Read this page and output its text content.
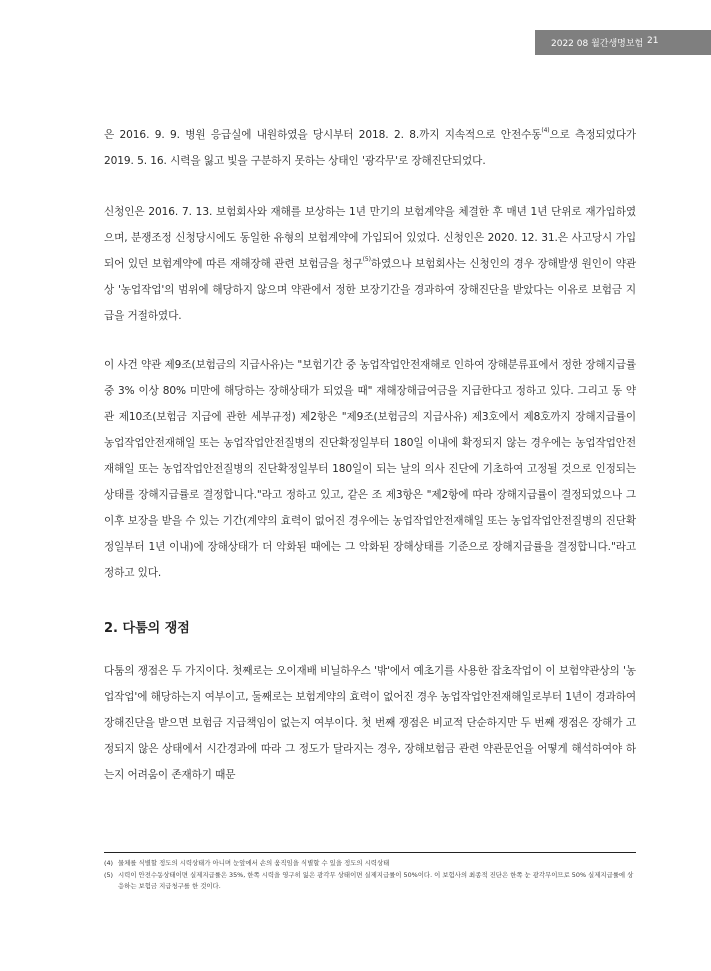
2022 08 월간생명보험 21

은 2016. 9. 9. 병원 응급실에 내원하였을 당시부터 2018. 2. 8.까지 지속적으로 안전수동$^{(4)}$으로 측정되었다가 2019. 5. 16. 시력을 잃고 빛을 구분하지 못하는 상태인 '광각무'로 장해진단되었다.

신청인은 2016. 7. 13. 보험회사와 재해를 보상하는 1년 만기의 보험계약을 체결한 후 매년 1년 단위로 재가입하였으며, 분쟁조정 신청당시에도 동일한 유형의 보험계약에 가입되어 있었다. 신청인은 2020. 12. 31.은 사고당시 가입되어 있던 보험계약에 따른 재해장해 관련 보험금을 청구$^{(5)}$하였으나 보험회사는 신청인의 경우 장해발생 원인이 약관상 '농업작업'의 범위에 해당하지 않으며 약관에서 정한 보장기간을 경과하여 장해진단을 받았다는 이유로 보험금 지급을 거절하였다.

이 사건 약관 제9조(보험금의 지급사유)는 "보험기간 중 농업작업안전재해로 인하여 장해분류표에서 정한 장해지급률 중 3% 이상 80% 미만에 해당하는 장해상태가 되었을 때" 재해장해급여금을 지급한다고 정하고 있다. 그리고 동 약관 제10조(보험금 지급에 관한 세부규정) 제2항은 "제9조(보험금의 지급사유) 제3호에서 제8호까지 장해지급률이 농업작업안전재해일 또는 농업작업안전질병의 진단확정일부터 180일 이내에 확정되지 않는 경우에는 농업작업안전재해일 또는 농업작업안전질병의 진단확정일부터 180일이 되는 날의 의사 진단에 기초하여 고정될 것으로 인정되는 상태를 장해지급률로 결정합니다."라고 정하고 있고, 같은 조 제3항은 "제2항에 따라 장해지급률이 결정되었으나 그 이후 보장을 받을 수 있는 기간(계약의 효력이 없어진 경우에는 농업작업안전재해일 또는 농업작업안전질병의 진단확정일부터 1년 이내)에 장해상태가 더 악화된 때에는 그 악화된 장해상태를 기준으로 장해지급률을 결정합니다."라고 정하고 있다.

2. 다툼의 쟁점

다툼의 쟁점은 두 가지이다. 첫째로는 오이재배 비닐하우스 '밖'에서 예초기를 사용한 잡초작업이 이 보험약관상의 '농업작업'에 해당하는지 여부이고, 둘째로는 보험계약의 효력이 없어진 경우 농업작업안전재해일로부터 1년이 경과하여 장해진단을 받으면 보험금 지급책임이 없는지 여부이다. 첫 번째 쟁점은 비교적 단순하지만 두 번째 쟁점은 장해가 고정되지 않은 상태에서 시간경과에 따라 그 정도가 달라지는 경우, 장해보험금 관련 약관문언을 어떻게 해석하여야 하는지 어려움이 존재하기 때문

(4) 물체를 식별할 정도의 시력상태가 아니며 눈앞에서 손의 움직임을 식별할 수 있을 정도의 시력상태
(5) 시력이 안전수동상태이면 실제지급률은 35%, 한쪽 시력을 영구히 잃은 광각무 상태이면 실제지급률이 50%이다. 이 보험사의 최종적 진단은 한쪽 눈 광각무이므로 50% 실제지급률에 상응하는 보험금 지급청구를 한 것이다.
